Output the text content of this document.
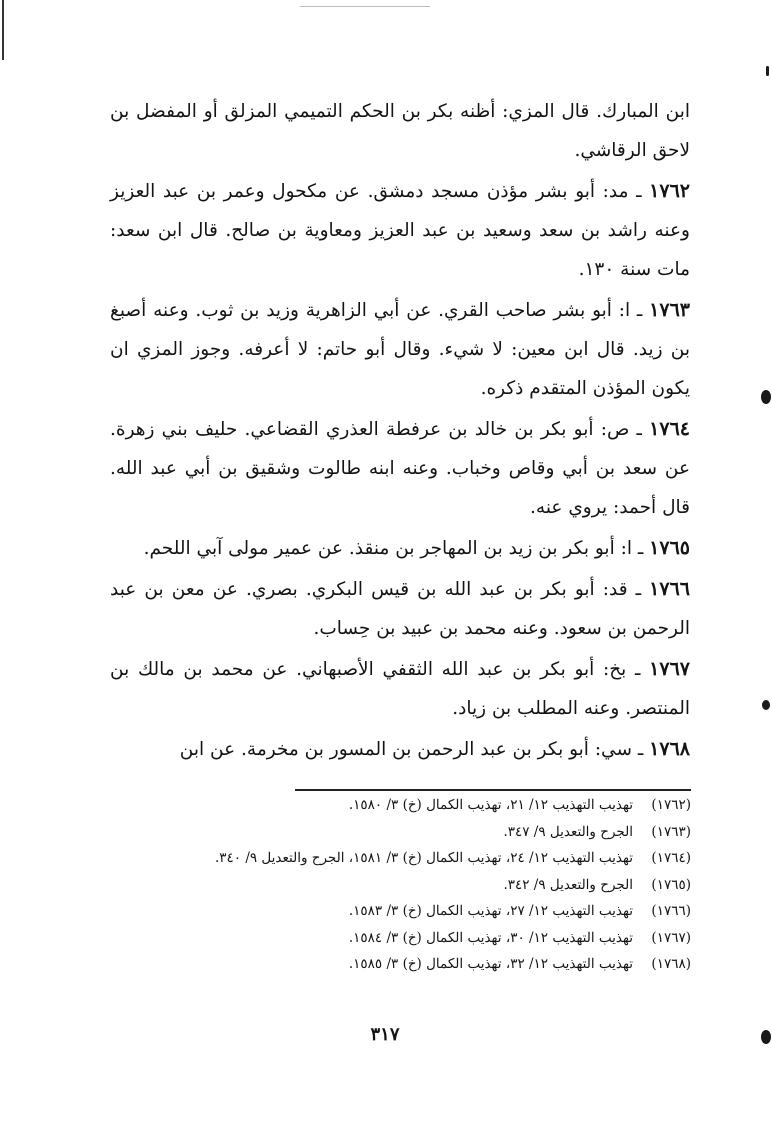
ابن المبارك. قال المزي: أظنه بكر بن الحكم التميمي المزلق أو المفضل بن لاحق الرقاشي.

١٧٦٢ ـ مد: أبو بشر مؤذن مسجد دمشق. عن مكحول وعمر بن عبد العزيز وعنه راشد بن سعد وسعيد بن عبد العزيز ومعاوية بن صالح. قال ابن سعد: مات سنة ١٣٠.

١٧٦٣ ـ ا: أبو بشر صاحب القري. عن أبي الزاهرية وزيد بن ثوب. وعنه أصبغ بن زيد. قال ابن معين: لا شيء. وقال أبو حاتم: لا أعرفه. وجوز المزي ان يكون المؤذن المتقدم ذكره.

١٧٦٤ ـ ص: أبو بكر بن خالد بن عرفطة العذري القضاعي. حليف بني زهرة. عن سعد بن أبي وقاص وخباب. وعنه ابنه طالوت وشقيق بن أبي عبد الله. قال أحمد: يروي عنه.

١٧٦٥ ـ ا: أبو بكر بن زيد بن المهاجر بن منقذ. عن عمير مولى آبي اللحم.

١٧٦٦ ـ قد: أبو بكر بن عبد الله بن قيس البكري. بصري. عن معن بن عبد الرحمن بن سعود. وعنه محمد بن عبيد بن حِساب.

١٧٦٧ ـ بخ: أبو بكر بن عبد الله الثقفي الأصبهاني. عن محمد بن مالك بن المنتصر. وعنه المطلب بن زياد.

١٧٦٨ ـ سي: أبو بكر بن عبد الرحمن بن المسور بن مخرمة. عن ابن

(١٧٦٢)تهذيب التهذيب ١٢/ ٢١، تهذيب الكمال (خ) ٣/ ١٥٨٠.

(١٧٦٣)الجرح والتعديل ٩/ ٣٤٧.

(١٧٦٤)تهذيب التهذيب ١٢/ ٢٤، تهذيب الكمال (خ) ٣/ ١٥٨١، الجرح والتعديل ٩/ ٣٤٠.

(١٧٦٥)الجرح والتعديل ٩/ ٣٤٢.

(١٧٦٦)تهذيب التهذيب ١٢/ ٢٧، تهذيب الكمال (خ) ٣/ ١٥٨٣.

(١٧٦٧)تهذيب التهذيب ١٢/ ٣٠، تهذيب الكمال (خ) ٣/ ١٥٨٤.

(١٧٦٨)تهذيب التهذيب ١٢/ ٣٢، تهذيب الكمال (خ) ٣/ ١٥٨٥.

٣١٧
